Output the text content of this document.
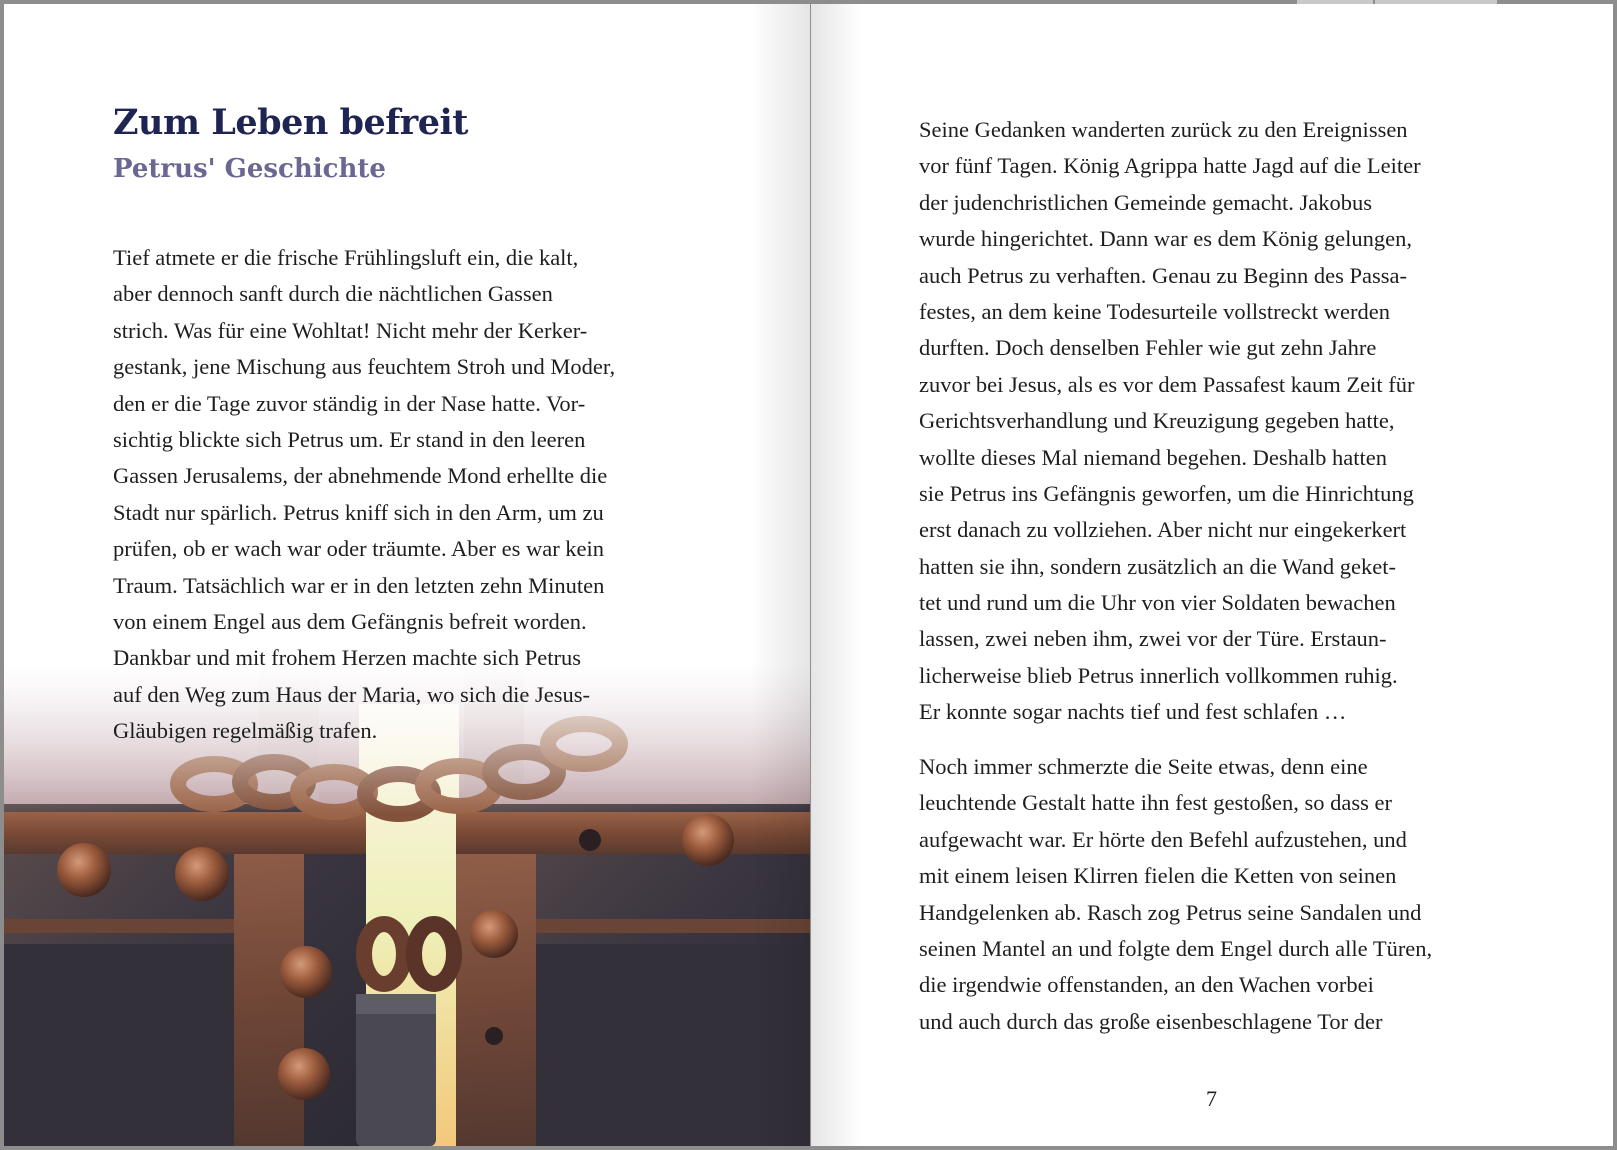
Zum Leben befreit
Petrus' Geschichte
Tief atmete er die frische Frühlingsluft ein, die kalt,
aber dennoch sanft durch die nächtlichen Gassen
strich. Was für eine Wohltat! Nicht mehr der Kerker-
gestank, jene Mischung aus feuchtem Stroh und Moder,
den er die Tage zuvor ständig in der Nase hatte. Vor-
sichtig blickte sich Petrus um. Er stand in den leeren
Gassen Jerusalems, der abnehmende Mond erhellte die
Stadt nur spärlich. Petrus kniff sich in den Arm, um zu
prüfen, ob er wach war oder träumte. Aber es war kein
Traum. Tatsächlich war er in den letzten zehn Minuten
von einem Engel aus dem Gefängnis befreit worden.
Dankbar und mit frohem Herzen machte sich Petrus
auf den Weg zum Haus der Maria, wo sich die Jesus-
Gläubigen regelmäßig trafen.
Seine Gedanken wanderten zurück zu den Ereignissen
vor fünf Tagen. König Agrippa hatte Jagd auf die Leiter
der judenchristlichen Gemeinde gemacht. Jakobus
wurde hingerichtet. Dann war es dem König gelungen,
auch Petrus zu verhaften. Genau zu Beginn des Passa-
festes, an dem keine Todesurteile vollstreckt werden
durften. Doch denselben Fehler wie gut zehn Jahre
zuvor bei Jesus, als es vor dem Passafest kaum Zeit für
Gerichtsverhandlung und Kreuzigung gegeben hatte,
wollte dieses Mal niemand begehen. Deshalb hatten
sie Petrus ins Gefängnis geworfen, um die Hinrichtung
erst danach zu vollziehen. Aber nicht nur eingekerkert
hatten sie ihn, sondern zusätzlich an die Wand geket-
tet und rund um die Uhr von vier Soldaten bewachen
lassen, zwei neben ihm, zwei vor der Türe. Erstaun-
licherweise blieb Petrus innerlich vollkommen ruhig.
Er konnte sogar nachts tief und fest schlafen …
Noch immer schmerzte die Seite etwas, denn eine
leuchtende Gestalt hatte ihn fest gestoßen, so dass er
aufgewacht war. Er hörte den Befehl aufzustehen, und
mit einem leisen Klirren fielen die Ketten von seinen
Handgelenken ab. Rasch zog Petrus seine Sandalen und
seinen Mantel an und folgte dem Engel durch alle Türen,
die irgendwie offenstanden, an den Wachen vorbei
und auch durch das große eisenbeschlagene Tor der
7
